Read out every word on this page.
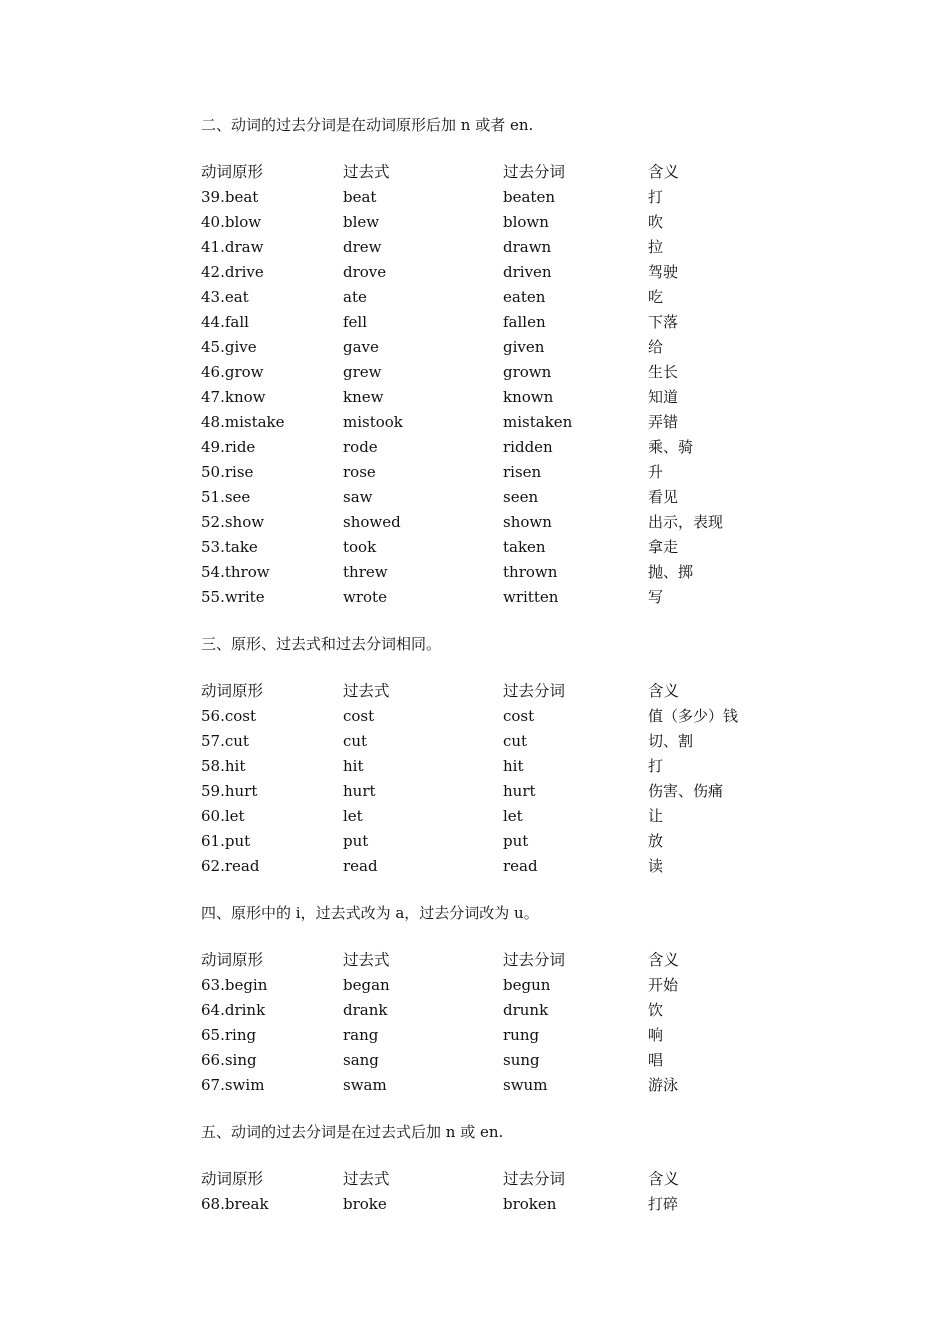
二、动词的过去分词是在动词原形后加 n 或者 en.
动词原形	过去式	过去分词	含义
39.beat	beat	beaten	打
40.blow	blew	blown	吹
41.draw	drew	drawn	拉
42.drive	drove	driven	驾驶
43.eat	ate	eaten	吃
44.fall	fell	fallen	下落
45.give	gave	given	给
46.grow	grew	grown	生长
47.know	knew	known	知道
48.mistake	mistook	mistaken	弄错
49.ride	rode	ridden	乘、骑
50.rise	rose	risen	升
51.see	saw	seen	看见
52.show	showed	shown	出示，表现
53.take	took	taken	拿走
54.throw	threw	thrown	抛、掷
55.write	wrote	written	写
三、原形、过去式和过去分词相同。
动词原形	过去式	过去分词	含义
56.cost	cost	cost	值（多少）钱
57.cut	cut	cut	切、割
58.hit	hit	hit	打
59.hurt	hurt	hurt	伤害、伤痛
60.let	let	let	让
61.put	put	put	放
62.read	read	read	读
四、原形中的 i，过去式改为 a，过去分词改为 u。
动词原形	过去式	过去分词	含义
63.begin	began	begun	开始
64.drink	drank	drunk	饮
65.ring	rang	rung	响
66.sing	sang	sung	唱
67.swim	swam	swum	游泳
五、动词的过去分词是在过去式后加 n 或 en.
动词原形	过去式	过去分词	含义
68.break	broke	broken	打碎
